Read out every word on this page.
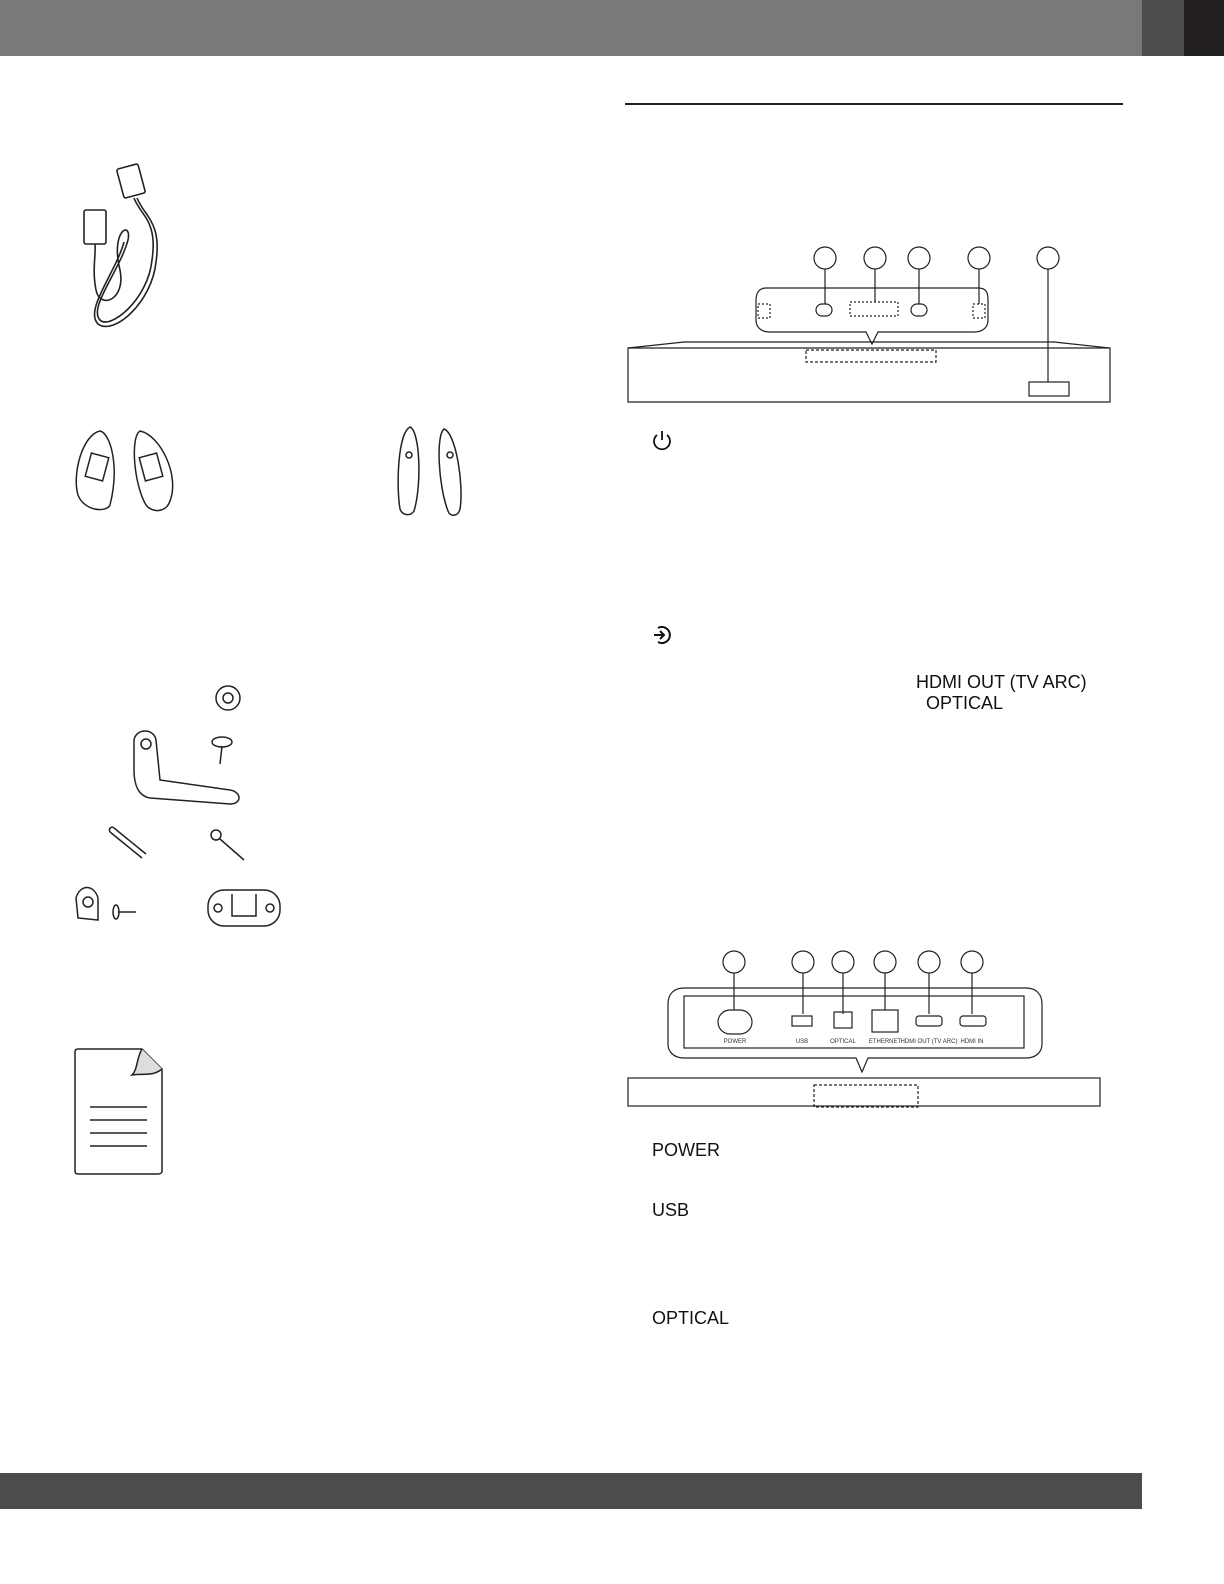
POWER	USB	OPTICAL ETHERNET HDMI OUT (TV ARC) HDMI IN
HDMI OUT (TV ARC)
OPTICAL
POWER
USB
OPTICAL
